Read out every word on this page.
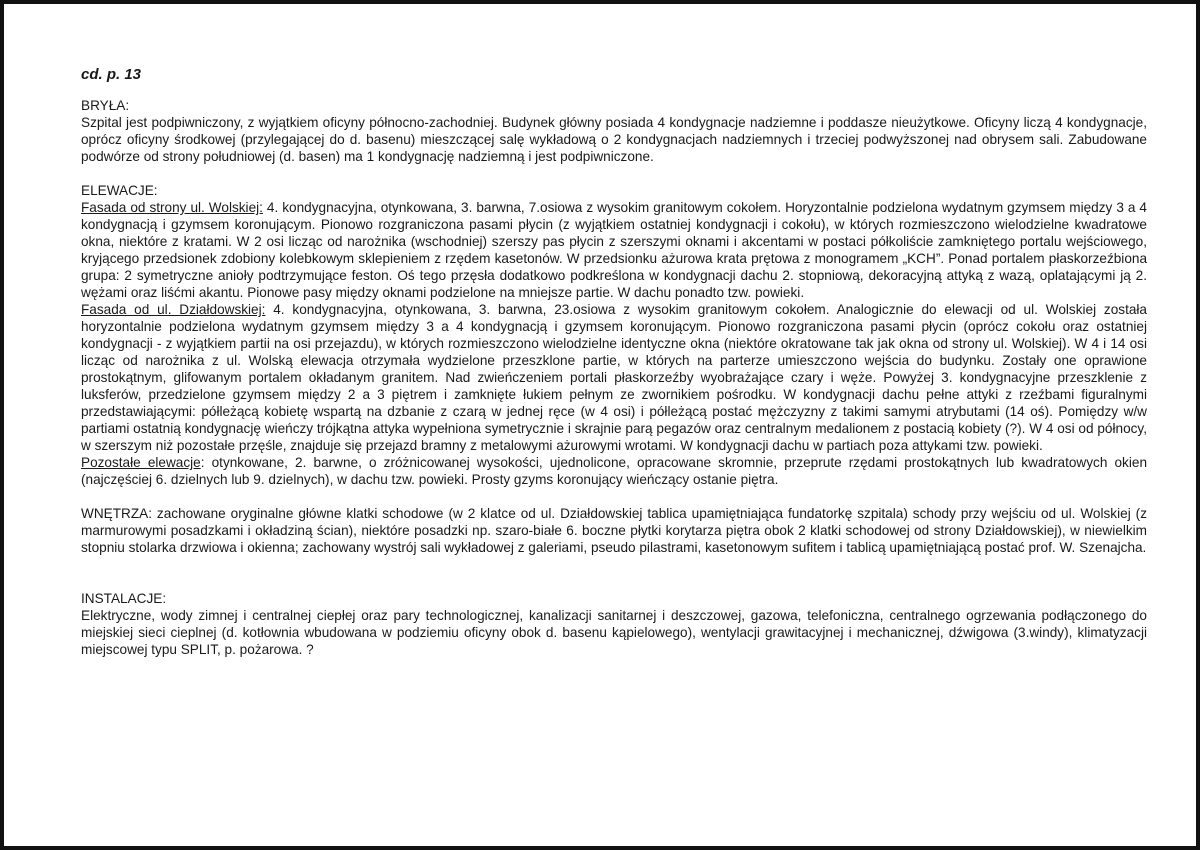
cd. p. 13

BRYŁA:

Szpital jest podpiwniczony, z wyjątkiem oficyny północno-zachodniej. Budynek główny posiada 4 kondygnacje nadziemne i poddasze nieużytkowe. Oficyny liczą 4 kondygnacje, oprócz oficyny środkowej (przylegającej do d. basenu) mieszczącej salę wykładową o 2 kondygnacjach nadziemnych i trzeciej podwyższonej nad obrysem sali. Zabudowane podwórze od strony południowej (d. basen) ma 1 kondygnację nadziemną i jest podpiwniczone.

ELEWACJE:

Fasada od strony ul. Wolskiej: 4. kondygnacyjna, otynkowana, 3. barwna, 7.osiowa z wysokim granitowym cokołem. Horyzontalnie podzielona wydatnym gzymsem między 3 a 4 kondygnacją i gzymsem koronującym. Pionowo rozgraniczona pasami płycin (z wyjątkiem ostatniej kondygnacji i cokołu), w których rozmieszczono wielodzielne kwadratowe okna, niektóre z kratami. W 2 osi licząc od narożnika (wschodniej) szerszy pas płycin z szerszymi oknami i akcentami w postaci półkoliście zamkniętego portalu wejściowego, kryjącego przedsionek zdobiony kolebkowym sklepieniem z rzędem kasetonów. W przedsionku ażurowa krata prętowa z monogramem „KCH”. Ponad portalem płaskorzeźbiona grupa: 2 symetryczne anioły podtrzymujące feston. Oś tego przęsła dodatkowo podkreślona w kondygnacji dachu 2. stopniową, dekoracyjną attyką z wazą, oplatającymi ją 2. wężami oraz liśćmi akantu. Pionowe pasy między oknami podzielone na mniejsze partie. W dachu ponadto tzw. powieki.

Fasada od ul. Działdowskiej: 4. kondygnacyjna, otynkowana, 3. barwna, 23.osiowa z wysokim granitowym cokołem. Analogicznie do elewacji od ul. Wolskiej została horyzontalnie podzielona wydatnym gzymsem między 3 a 4 kondygnacją i gzymsem koronującym. Pionowo rozgraniczona pasami płycin (oprócz cokołu oraz ostatniej kondygnacji - z wyjątkiem partii na osi przejazdu), w których rozmieszczono wielodzielne identyczne okna (niektóre okratowane tak jak okna od strony ul. Wolskiej). W 4 i 14 osi licząc od narożnika z ul. Wolską elewacja otrzymała wydzielone przeszklone partie, w których na parterze umieszczono wejścia do budynku. Zostały one oprawione prostokątnym, glifowanym portalem okładanym granitem. Nad zwieńczeniem portali płaskorzeźby wyobrażające czary i węże. Powyżej 3. kondygnacyjne przeszklenie z luksferów, przedzielone gzymsem między 2 a 3 piętrem i zamknięte łukiem pełnym ze zwornikiem pośrodku. W kondygnacji dachu pełne attyki z rzeźbami figuralnymi przedstawiającymi: półleżącą kobietę wspartą na dzbanie z czarą w jednej ręce (w 4 osi) i półleżącą postać mężczyzny z takimi samymi atrybutami (14 oś). Pomiędzy w/w partiami ostatnią kondygnację wieńczy trójkątna attyka wypełniona symetrycznie i skrajnie parą pegazów oraz centralnym medalionem z postacią kobiety (?). W 4 osi od północy, w szerszym niż pozostałe przęśle, znajduje się przejazd bramny z metalowymi ażurowymi wrotami. W kondygnacji dachu w partiach poza attykami tzw. powieki.

Pozostałe elewacje: otynkowane, 2. barwne, o zróżnicowanej wysokości, ujednolicone, opracowane skromnie, przeprute rzędami prostokątnych lub kwadratowych okien (najczęściej 6. dzielnych lub 9. dzielnych), w dachu tzw. powieki. Prosty gzyms koronujący wieńczący ostanie piętra.

WNĘTRZA: zachowane oryginalne główne klatki schodowe (w 2 klatce od ul. Działdowskiej tablica upamiętniająca fundatorkę szpitala) schody przy wejściu od ul. Wolskiej (z marmurowymi posadzkami i okładziną ścian), niektóre posadzki np. szaro-białe 6. boczne płytki korytarza piętra obok 2 klatki schodowej od strony Działdowskiej), w niewielkim stopniu stolarka drzwiowa i okienna; zachowany wystrój sali wykładowej z galeriami, pseudo pilastrami, kasetonowym sufitem i tablicą upamiętniającą postać prof. W. Szenajcha.

INSTALACJE:

Elektryczne, wody zimnej i centralnej ciepłej oraz pary technologicznej, kanalizacji sanitarnej i deszczowej, gazowa, telefoniczna, centralnego ogrzewania podłączonego do miejskiej sieci cieplnej (d. kotłownia wbudowana w podziemiu oficyny obok d. basenu kąpielowego), wentylacji grawitacyjnej i mechanicznej, dźwigowa (3.windy), klimatyzacji miejscowej typu SPLIT, p. pożarowa. ?
